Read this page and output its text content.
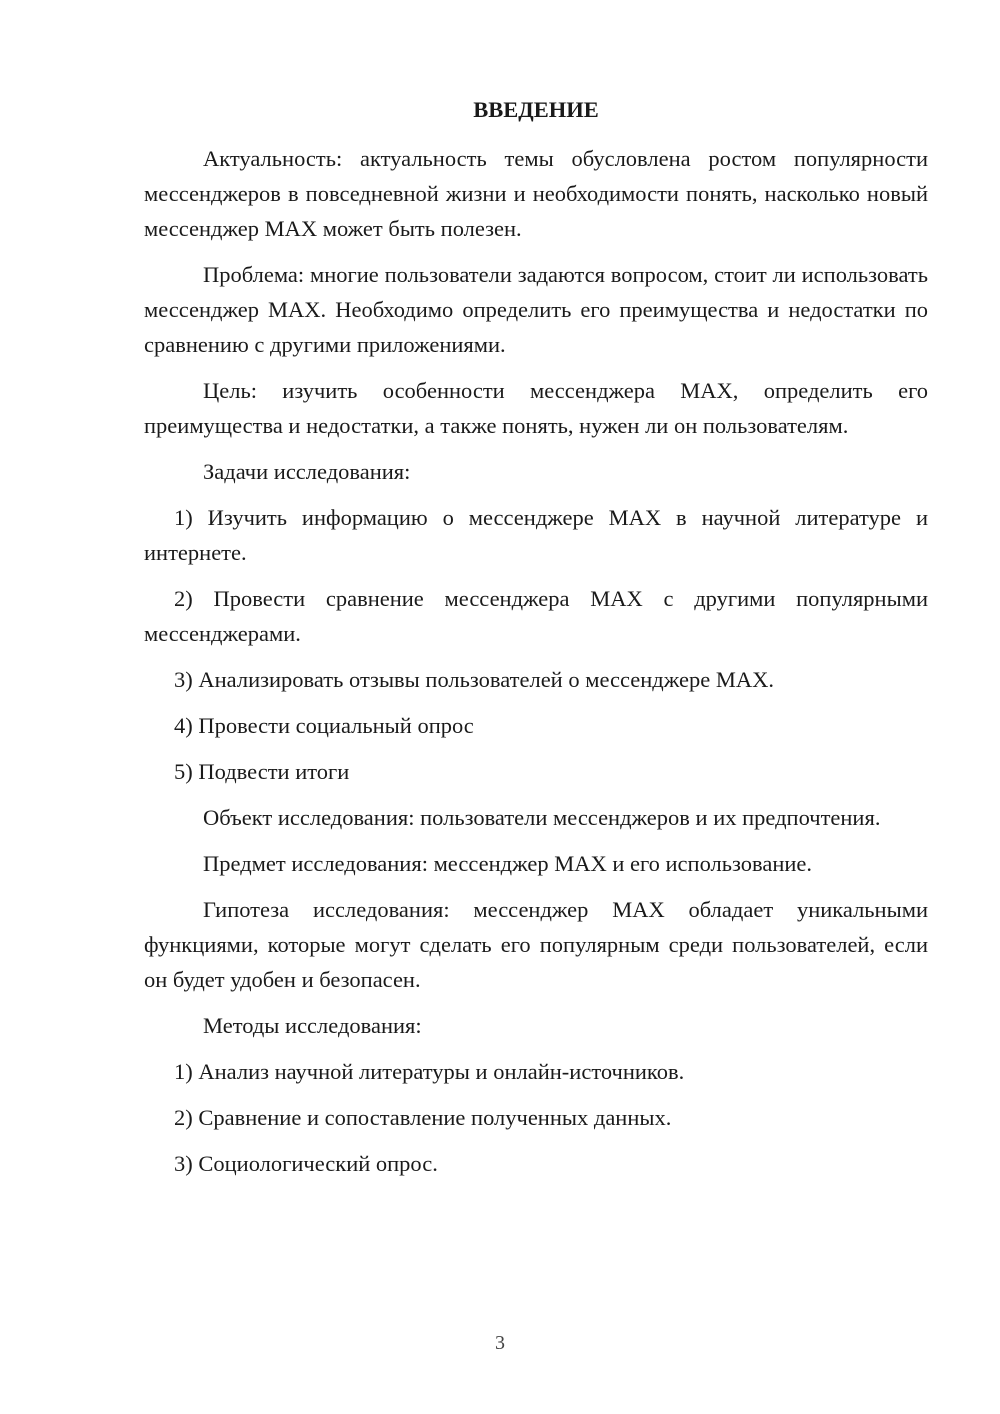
ВВЕДЕНИЕ

Актуальность: актуальность темы обусловлена ростом популярности мессенджеров в повседневной жизни и необходимости понять, насколько новый мессенджер MAX может быть полезен.

Проблема: многие пользователи задаются вопросом, стоит ли использовать мессенджер MAX. Необходимо определить его преимущества и недостатки по сравнению с другими приложениями.

Цель: изучить особенности мессенджера MAX, определить его преимущества и недостатки, а также понять, нужен ли он пользователям.

Задачи исследования:

1) Изучить информацию о мессенджере MAX в научной литературе и интернете.

2) Провести сравнение мессенджера MAX с другими популярными мессенджерами.

3) Анализировать отзывы пользователей о мессенджере MAX.

4) Провести социальный опрос

5) Подвести итоги

Объект исследования: пользователи мессенджеров и их предпочтения.

Предмет исследования: мессенджер MAX и его использование.

Гипотеза исследования: мессенджер MAX обладает уникальными функциями, которые могут сделать его популярным среди пользователей, если он будет удобен и безопасен.

Методы исследования:

1) Анализ научной литературы и онлайн-источников.

2) Сравнение и сопоставление полученных данных.

3) Социологический опрос.

3
